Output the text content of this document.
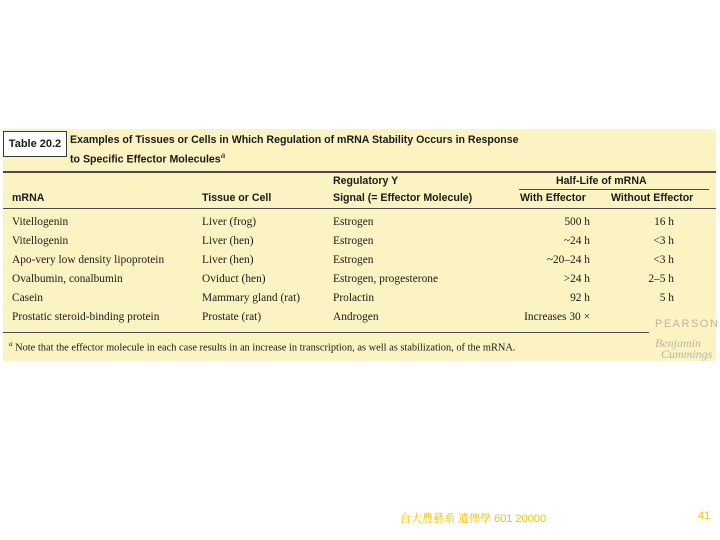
Table 20.2 Examples of Tissues or Cells in Which Regulation of mRNA Stability Occurs in Response
to Specific Effector Molecules$^a$
Regulatory Y	Half-Life of mRNA
mRNA	Tissue or Cell	Signal (= Effector Molecule)	With Effector Without Effector
Vitellogenin	Liver (frog)	Estrogen	500 h	16 h
Vitellogenin	Liver (hen)	Estrogen	~24 h	<3 h
Apo-very low density lipoprotein	Liver (hen)	Estrogen	~20–24 h	<3 h
Ovalbumin, conalbumin	Oviduct (hen)	Estrogen, progesterone	>24 h	2–5 h
Casein	Mammary gland (rat)	Prolactin	92 h	5 h
Prostatic steroid-binding protein	Prostate (rat)	Androgen	Increases 30 ×
PEARSON
$^a$ Note that the effector molecule in each case results in an increase in transcription, as well as stabilization, of the mRNA.	Benjamin
Cummings
台大農藝系 遺傳學 601 20000	41
